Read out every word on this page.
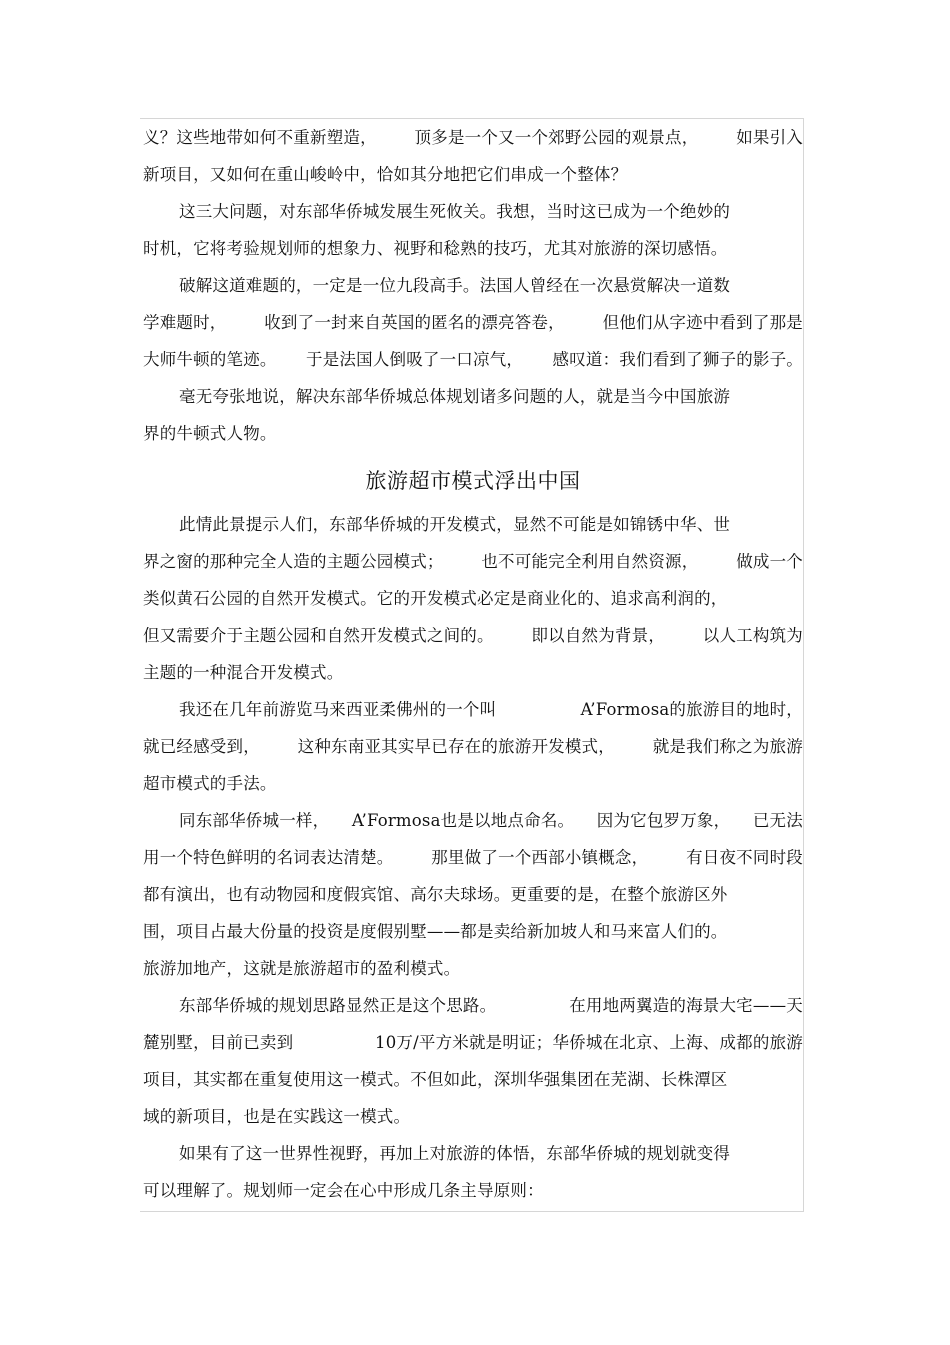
义？这些地带如何不重新塑造， 顶多是一个又一个郊野公园的观景点， 如果引入
新项目，又如何在重山峻岭中，恰如其分地把它们串成一个整体？
这三大问题，对东部华侨城发展生死攸关。我想，当时这已成为一个绝妙的
时机，它将考验规划师的想象力、视野和稔熟的技巧，尤其对旅游的深切感悟。
破解这道难题的，一定是一位九段高手。法国人曾经在一次悬赏解决一道数
学难题时， 收到了一封来自英国的匿名的漂亮答卷， 但他们从字迹中看到了那是
大师牛顿的笔迹。 于是法国人倒吸了一口凉气， 感叹道：我们看到了狮子的影子。
毫无夸张地说，解决东部华侨城总体规划诸多问题的人，就是当今中国旅游
界的牛顿式人物。
旅游超市模式浮出中国
此情此景提示人们，东部华侨城的开发模式，显然不可能是如锦锈中华、世
界之窗的那种完全人造的主题公园模式； 也不可能完全利用自然资源， 做成一个
类似黄石公园的自然开发模式。它的开发模式必定是商业化的、追求高利润的，
但又需要介于主题公园和自然开发模式之间的。 即以自然为背景， 以人工构筑为
主题的一种混合开发模式。
我还在几年前游览马来西亚柔佛州的一个叫	A’Formosa的旅游目的地时，
就已经感受到， 这种东南亚其实早已存在的旅游开发模式， 就是我们称之为旅游
超市模式的手法。
同东部华侨城一样， A’Formosa也是以地点命名。 因为它包罗万象， 已无法
用一个特色鲜明的名词表达清楚。 那里做了一个西部小镇概念， 有日夜不同时段
都有演出，也有动物园和度假宾馆、高尔夫球场。更重要的是，在整个旅游区外
围，项目占最大份量的投资是度假别墅——都是卖给新加坡人和马来富人们的。
旅游加地产，这就是旅游超市的盈利模式。
东部华侨城的规划思路显然正是这个思路。	在用地两翼造的海景大宅——天
麓别墅，目前已卖到	10万/平方米就是明证；华侨城在北京、上海、成都的旅游
项目，其实都在重复使用这一模式。不但如此，深圳华强集团在芜湖、长株潭区
域的新项目，也是在实践这一模式。
如果有了这一世界性视野，再加上对旅游的体悟，东部华侨城的规划就变得
可以理解了。规划师一定会在心中形成几条主导原则：
